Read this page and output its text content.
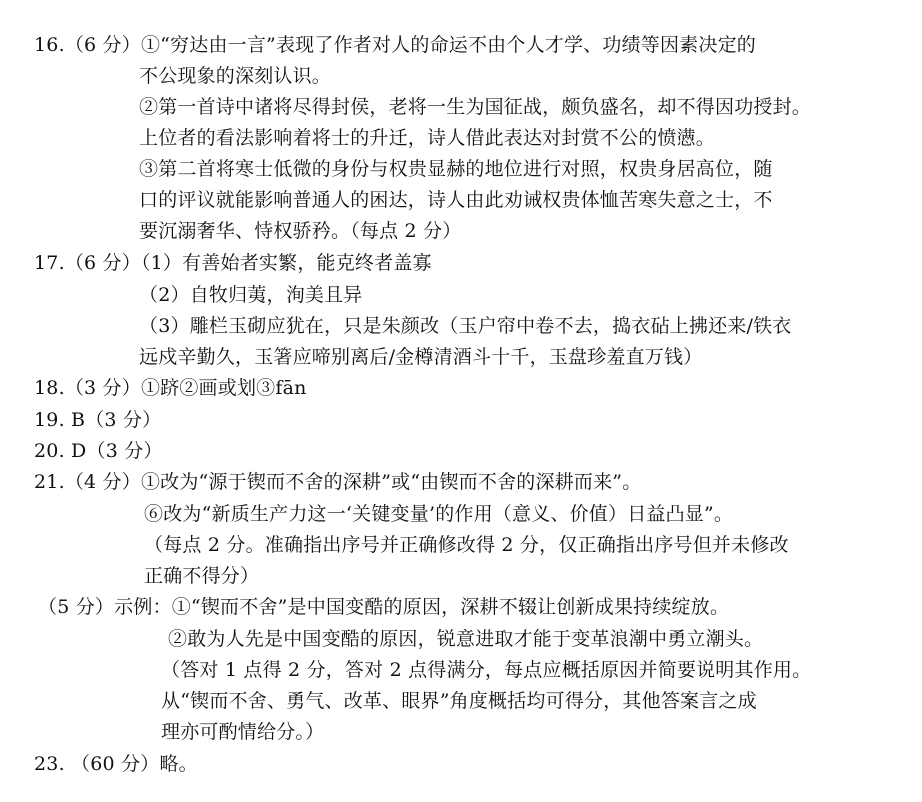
16.（6 分）①“穷达由一言”表现了作者对人的命运不由个人才学、功绩等因素决定的
不公现象的深刻认识。
②第一首诗中诸将尽得封侯，老将一生为国征战，颇负盛名，却不得因功授封。
上位者的看法影响着将士的升迁，诗人借此表达对封赏不公的愤懑。
③第二首将寒士低微的身份与权贵显赫的地位进行对照，权贵身居高位，随
口的评议就能影响普通人的困达，诗人由此劝诫权贵体恤苦寒失意之士，不
要沉溺奢华、恃权骄矜。（每点 2 分）
17.（6 分）（1）有善始者实繁，能克终者盖寡
（2）自牧归荑，洵美且异
（3）雕栏玉砌应犹在，只是朱颜改（玉户帘中卷不去，捣衣砧上拂还来/铁衣
远戍辛勤久，玉箸应啼别离后/金樽清酒斗十千，玉盘珍羞直万钱）
18.（3 分）①跻②画或划③fān
19. B（3 分）
20. D（3 分）
21.（4 分）①改为“源于锲而不舍的深耕”或“由锲而不舍的深耕而来”。
⑥改为“新质生产力这一‘关键变量’的作用（意义、价值）日益凸显”。
（每点 2 分。准确指出序号并正确修改得 2 分，仅正确指出序号但并未修改
正确不得分）
（5 分）示例：①“锲而不舍”是中国变酷的原因，深耕不辍让创新成果持续绽放。
②敢为人先是中国变酷的原因，锐意进取才能于变革浪潮中勇立潮头。
（答对 1 点得 2 分，答对 2 点得满分，每点应概括原因并简要说明其作用。
从“锲而不舍、勇气、改革、眼界”角度概括均可得分，其他答案言之成
理亦可酌情给分。）
23. （60 分）略。
